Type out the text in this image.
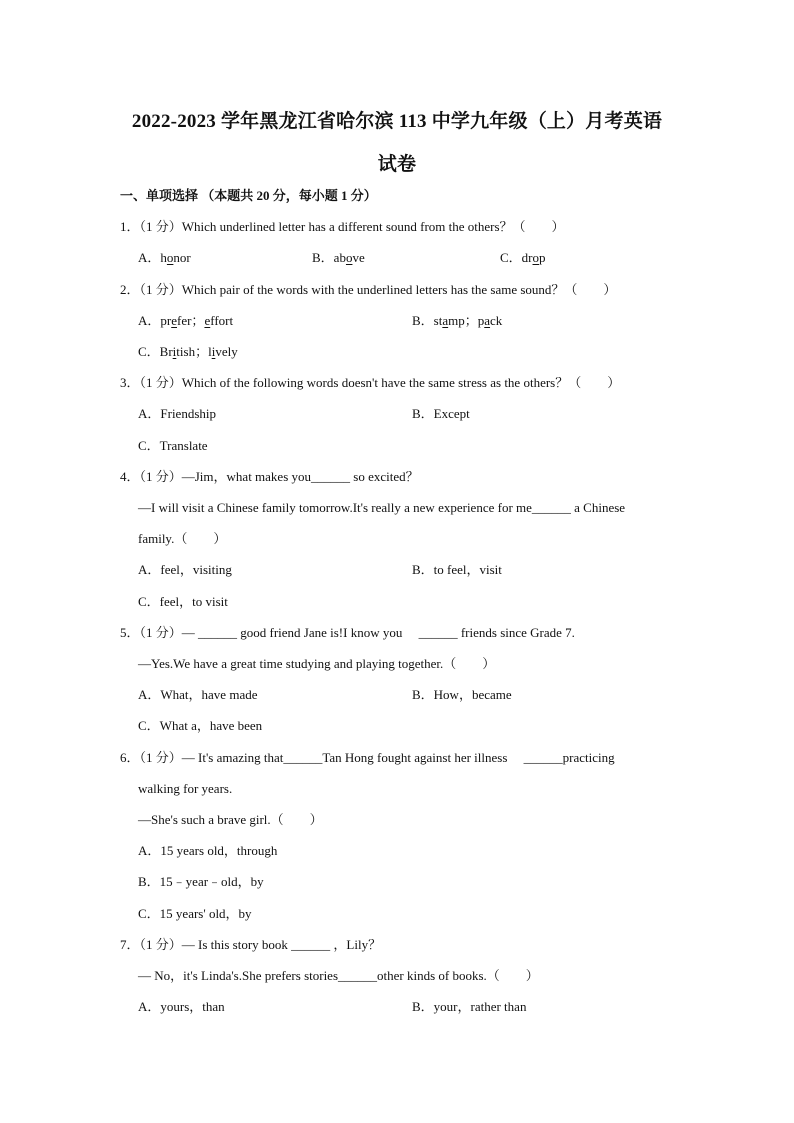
2022-2023 学年黑龙江省哈尔滨 113 中学九年级（上）月考英语
试卷
一、单项选择 （本题共 20 分，每小题 1 分）
1．（1 分）Which underlined letter has a different sound from the others？（　　）
A．honor	B．above	C．drop
2．（1 分）Which pair of the words with the underlined letters has the same sound？（　　）
A．prefer；effort	B．stamp；pack
C．British；lively
3．（1 分）Which of the following words doesn't have the same stress as the others？（　　）
A．Friendship	B．Except
C．Translate
4．（1 分）—Jim，what makes you______ so excited？
—I will visit a Chinese family tomorrow.It's really a new experience for me______ a Chinese
family.（　　）
A．feel，visiting	B．to feel，visit
C．feel，to visit
5．（1 分）— ______ good friend Jane is!I know you　 ______ friends since Grade 7.
—Yes.We have a great time studying and playing together.（　　）
A．What，have made	B．How，became
C．What a，have been
6．（1 分）— It's amazing that______Tan Hong fought against her illness　 ______practicing
walking for years.
—She's such a brave girl.（　　）
A．15 years old，through
B．15﹣year﹣old，by
C．15 years' old，by
7．（1 分）— Is this story book ______ ，Lily？
— No，it's Linda's.She prefers stories______other kinds of books.（　　）
A．yours，than	B．your，rather than
